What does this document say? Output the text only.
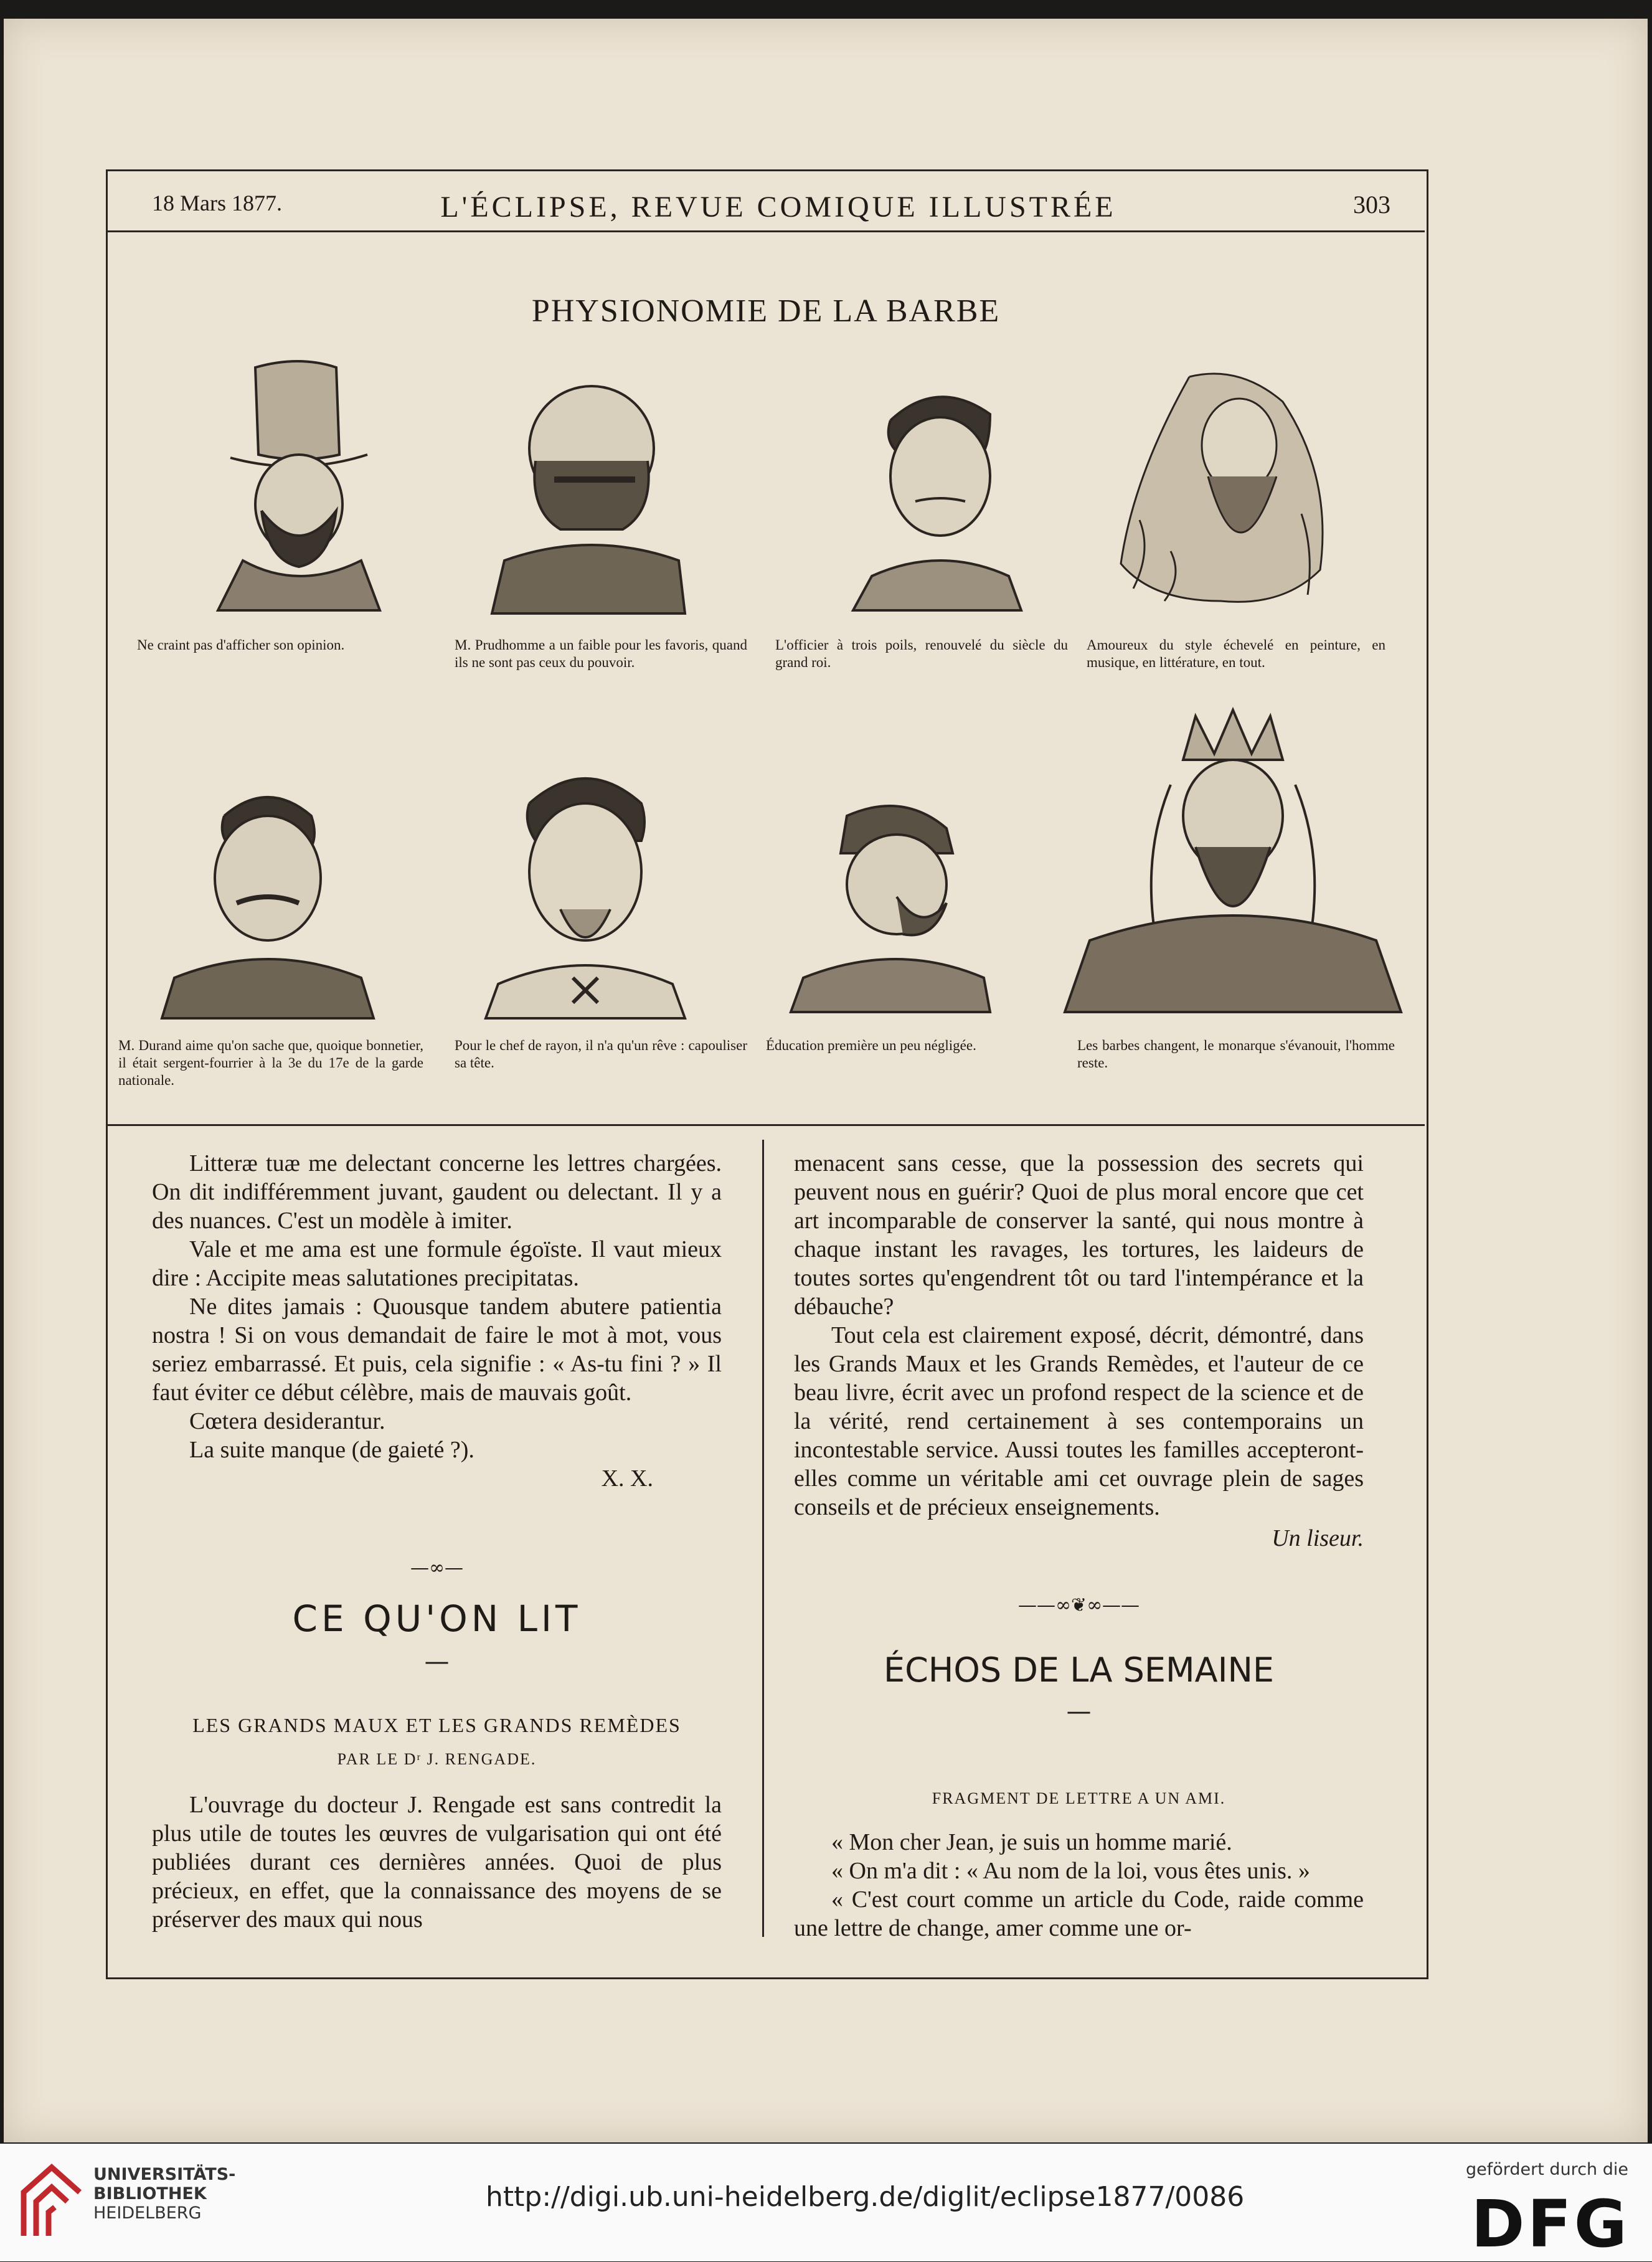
18 Mars 1877.	L'ÉCLIPSE, REVUE COMIQUE ILLUSTRÉE	303
PHYSIONOMIE DE LA BARBE
Ne craint pas d'afficher son opinion.	M. Prudhomme a un faible pour les favoris, quand ils ne sont pas ceux du pouvoir.
L'officier à trois poils, renouvelé du siècle du grand roi.
Amoureux du style échevelé en peinture, en musique, en littérature, en tout.
M. Durand aime qu'on sache que, quoique bonnetier, il était sergent-fourrier à la 3e du 17e de la garde nationale.
Pour le chef de rayon, il n'a qu'un rêve : capouliser sa tête.
Éducation première un peu négligée.	Les barbes changent, le monarque s'évanouit, l'homme reste.

Litteræ tuæ me delectant concerne les lettres chargées. On dit indifféremment juvant, gaudent ou delectant. Il y a des nuances. C'est un modèle à imiter.

Vale et me ama est une formule égoïste. Il vaut mieux dire : Accipite meas salutationes precipitatas.

Ne dites jamais : Quousque tandem abutere patientia nostra ! Si on vous demandait de faire le mot à mot, vous seriez embarrassé. Et puis, cela signifie : « As-tu fini ? » Il faut éviter ce début célèbre, mais de mauvais goût.

Cœtera desiderantur.

La suite manque (de gaieté ?).

X. X.
—∞—
CE QU'ON LIT
—
LES GRANDS MAUX ET LES GRANDS REMÈDES
PAR LE Dʳ J. RENGADE.

L'ouvrage du docteur J. Rengade est sans contredit la plus utile de toutes les œuvres de vulgarisation qui ont été publiées durant ces dernières années. Quoi de plus précieux, en effet, que la connaissance des moyens de se préserver des maux qui nous

menacent sans cesse, que la possession des secrets qui peuvent nous en guérir? Quoi de plus moral encore que cet art incomparable de conserver la santé, qui nous montre à chaque instant les ravages, les tortures, les laideurs de toutes sortes qu'engendrent tôt ou tard l'intempérance et la débauche?

Tout cela est clairement exposé, décrit, démontré, dans les Grands Maux et les Grands Remèdes, et l'auteur de ce beau livre, écrit avec un profond respect de la science et de la vérité, rend certainement à ses contemporains un incontestable service. Aussi toutes les familles accepteront-elles comme un véritable ami cet ouvrage plein de sages conseils et de précieux enseignements.

Un liseur.
——∞❦∞——
ÉCHOS DE LA SEMAINE
—
FRAGMENT DE LETTRE A UN AMI.

« Mon cher Jean, je suis un homme marié.

« On m'a dit : « Au nom de la loi, vous êtes unis. »

« C'est court comme un article du Code, raide comme une lettre de change, amer comme une or-

UNIVERSITÄTS-
BIBLIOTHEK
HEIDELBERG
http://digi.ub.uni-heidelberg.de/diglit/eclipse1877/0086
gefördert durch die
DFG
